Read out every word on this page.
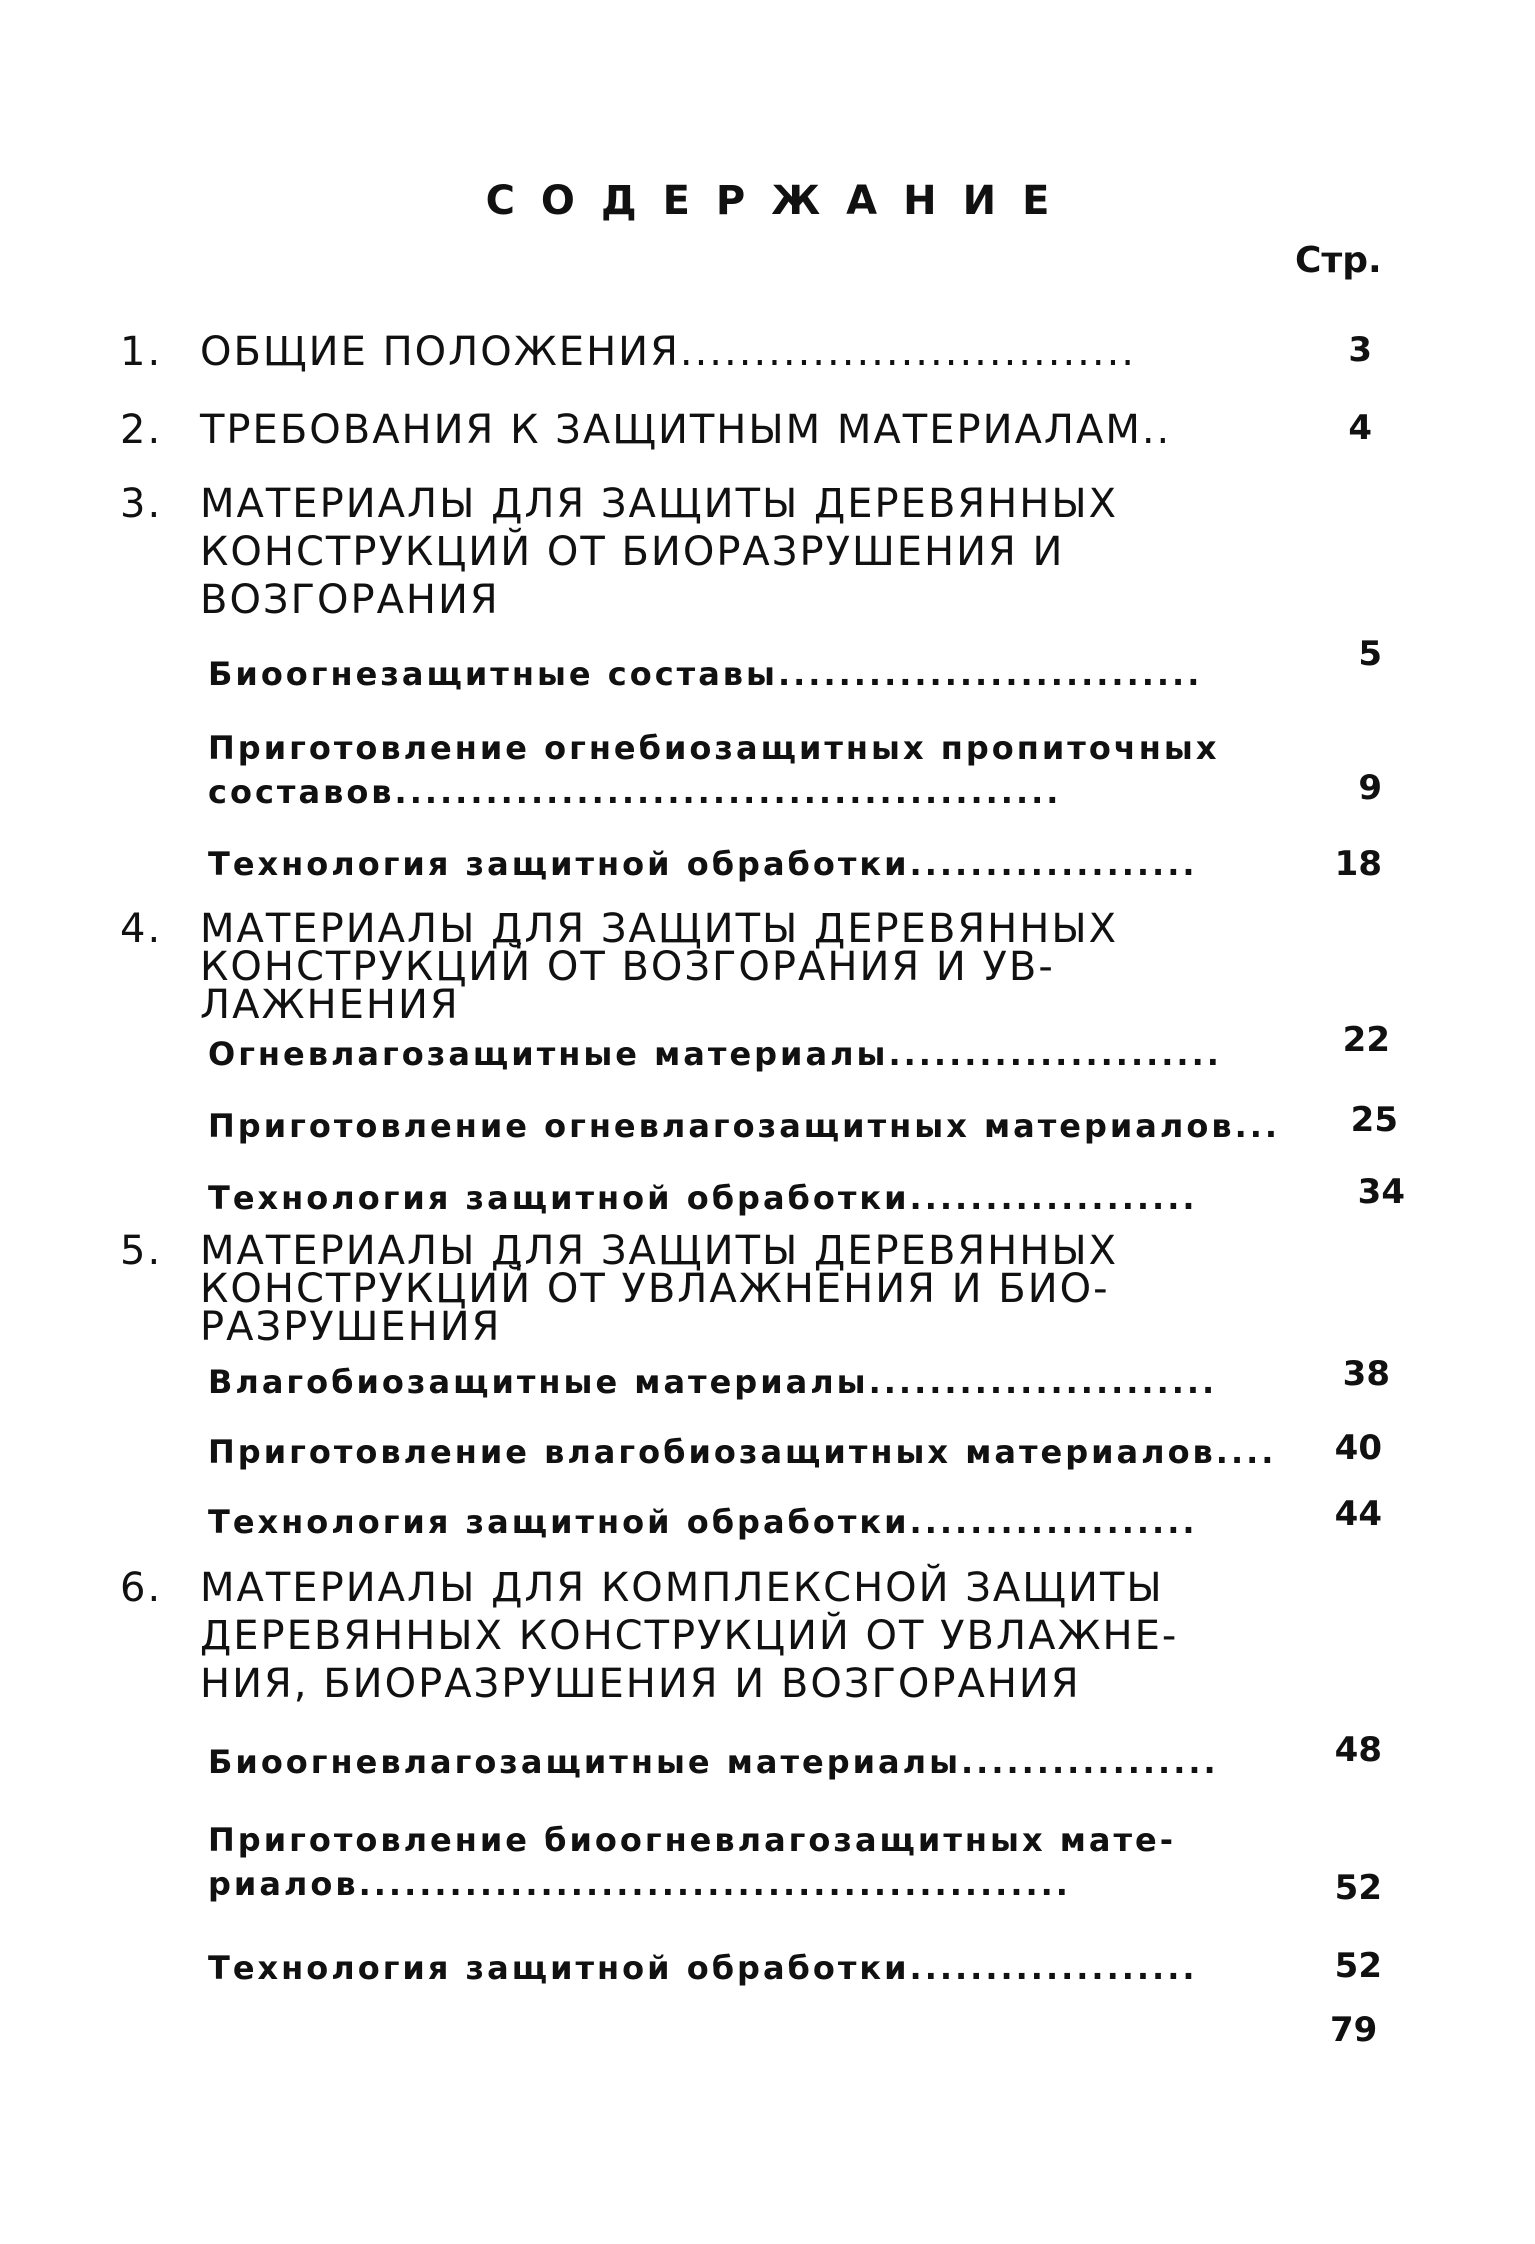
СОДЕРЖАНИЕ
Стр.
1. ОБЩИЕ ПОЛОЖЕНИЯ...............................	3
2. ТРЕБОВАНИЯ К ЗАЩИТНЫМ МАТЕРИАЛАМ..	4
3. МАТЕРИАЛЫ ДЛЯ ЗАЩИТЫ ДЕРЕВЯННЫХ
КОНСТРУКЦИЙ ОТ БИОРАЗРУШЕНИЯ И
ВОЗГОРАНИЯ
Биоогнезащитные составы............................	5
Приготовление огнебиозащитных пропиточных
составов............................................	9
Технология защитной обработки...................	18
4. МАТЕРИАЛЫ ДЛЯ ЗАЩИТЫ ДЕРЕВЯННЫХ
КОНСТРУКЦИЙ ОТ ВОЗГОРАНИЯ И УВ-
ЛАЖНЕНИЯ
Огневлагозащитные материалы......................	22
Приготовление огневлагозащитных материалов...	25
Технология защитной обработки...................	34
5. МАТЕРИАЛЫ ДЛЯ ЗАЩИТЫ ДЕРЕВЯННЫХ
КОНСТРУКЦИЙ ОТ УВЛАЖНЕНИЯ И БИО-
РАЗРУШЕНИЯ
Влагобиозащитные материалы.......................	38
Приготовление влагобиозащитных материалов....	40
Технология защитной обработки...................	44
6. МАТЕРИАЛЫ ДЛЯ КОМПЛЕКСНОЙ ЗАЩИТЫ
ДЕРЕВЯННЫХ КОНСТРУКЦИЙ ОТ УВЛАЖНЕ-
НИЯ, БИОРАЗРУШЕНИЯ И ВОЗГОРАНИЯ
Биоогневлагозащитные материалы.................	48
Приготовление биоогневлагозащитных мате-
риалов...............................................	52
Технология защитной обработки...................	52
79
